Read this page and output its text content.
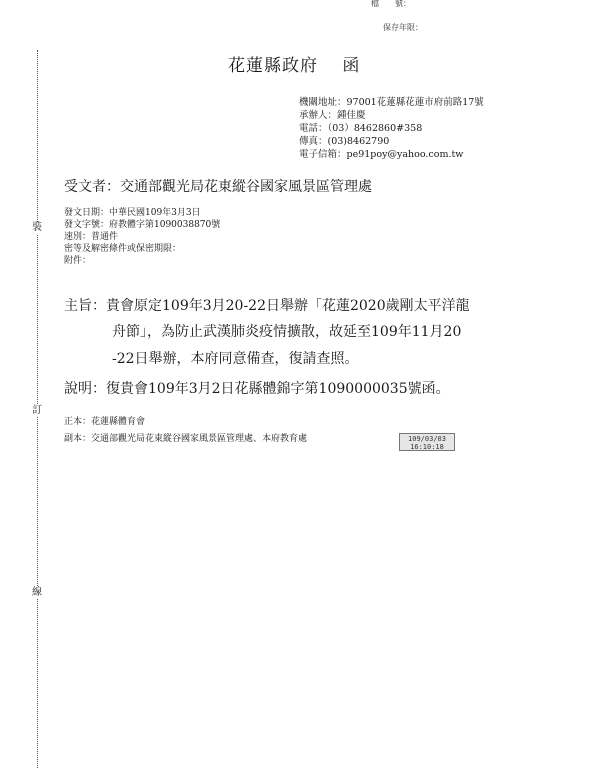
裝
訂
線
檔　　號：
保存年限：
花蓮縣政府　 函
機關地址：97001花蓮縣花蓮市府前路17號
承辦人：鍾佳慶
電話：（03）8462860#358
傳真：(03)8462790
電子信箱：pe91poy@yahoo.com.tw
受文者：交通部觀光局花東縱谷國家風景區管理處
發文日期：中華民國109年3月3日
發文字號：府教體字第1090038870號
速別：普通件
密等及解密條件或保密期限：
附件：
主旨：貴會原定109年3月20-22日舉辦「花蓮2020歲剛太平洋龍
舟節」，為防止武漢肺炎疫情擴散，故延至109年11月20
-22日舉辦，本府同意備查，復請查照。
說明：復貴會109年3月2日花縣體錦字第1090000035號函。
正本：花蓮縣體育會
副本：交通部觀光局花東縱谷國家風景區管理處、本府教育處	109/03/03
16:10:18
